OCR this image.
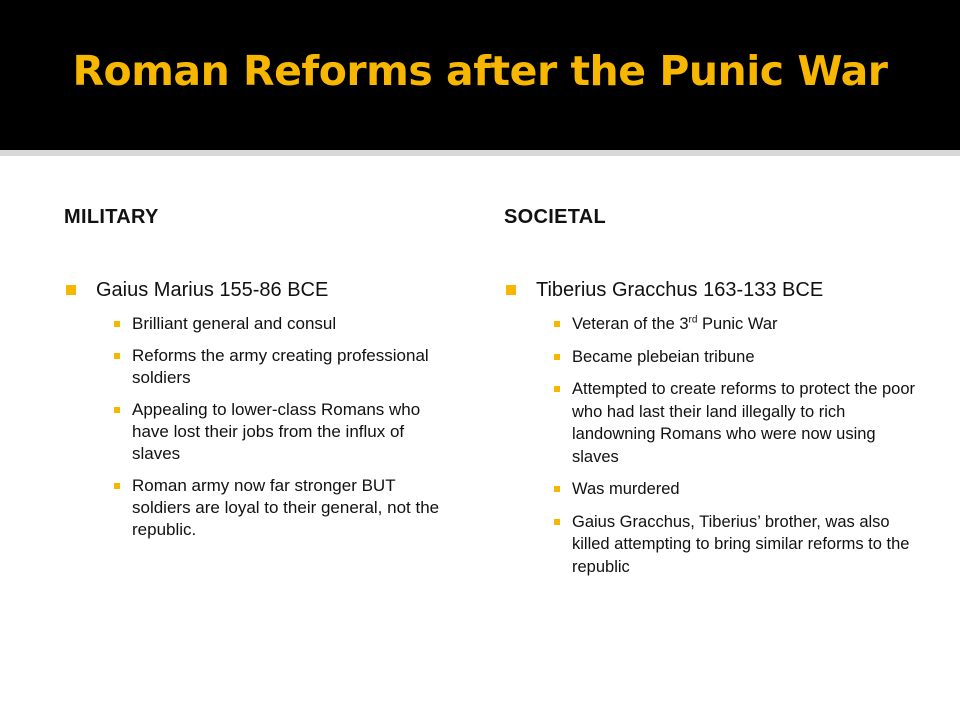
Roman Reforms after the Punic War
MILITARY
Gaius Marius 155-86 BCE
Brilliant general and consul
Reforms the army creating professional soldiers
Appealing to lower-class Romans who have lost their jobs from the influx of slaves
Roman army now far stronger BUT soldiers are loyal to their general, not the republic.
SOCIETAL
Tiberius Gracchus 163-133 BCE
Veteran of the 3rd Punic War
Became plebeian tribune
Attempted to create reforms to protect the poor who had last their land illegally to rich landowning Romans who were now using slaves
Was murdered
Gaius Gracchus, Tiberius’ brother, was also killed attempting to bring similar reforms to the republic
